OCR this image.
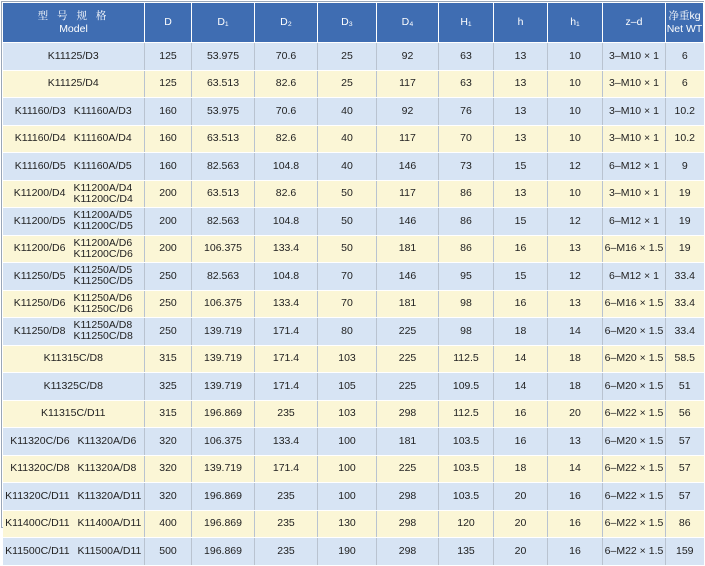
型 号 规 格
Model	D	D₁	D₂	D₃	D₄	H₁	h	h₁	z–d	净重kg
Net WT

K11125/D3	125	53.975	70.6	25	92	63	13	10	3–M10 × 1	6

K11125/D4	125	63.513	82.6	25	117	63	13	10	3–M10 × 1	6

K11160/D3 K11160A/D3	160	53.975	70.6	40	92	76	13	10	3–M10 × 1	10.2

K11160/D4 K11160A/D4	160	63.513	82.6	40	117	70	13	10	3–M10 × 1	10.2

K11160/D5 K11160A/D5	160	82.563	104.8	40	146	73	15	12	6–M12 × 1	9

K11200/D4 K11200A/D4
K11200C/D4	200	63.513	82.6	50	117	86	13	10	3–M10 × 1	19

K11200/D5 K11200A/D5
K11200C/D5	200	82.563	104.8	50	146	86	15	12	6–M12 × 1	19

K11200/D6 K11200A/D6
K11200C/D6	200	106.375	133.4	50	181	86	16	13	6–M16 × 1.5	19

K11250/D5 K11250A/D5
K11250C/D5	250	82.563	104.8	70	146	95	15	12	6–M12 × 1	33.4

K11250/D6 K11250A/D6
K11250C/D6	250	106.375	133.4	70	181	98	16	13	6–M16 × 1.5	33.4

K11250/D8 K11250A/D8
K11250C/D8	250	139.719	171.4	80	225	98	18	14	6–M20 × 1.5	33.4

K11315C/D8	315	139.719	171.4	103	225	112.5	14	18	6–M20 × 1.5	58.5

K11325C/D8	325	139.719	171.4	105	225	109.5	14	18	6–M20 × 1.5	51

K11315C/D11	315	196.869	235	103	298	112.5	16	20	6–M22 × 1.5	56

K11320C/D6 K11320A/D6	320	106.375	133.4	100	181	103.5	16	13	6–M20 × 1.5	57

K11320C/D8 K11320A/D8	320	139.719	171.4	100	225	103.5	18	14	6–M22 × 1.5	57

K11320C/D11 K11320A/D11	320	196.869	235	100	298	103.5	20	16	6–M22 × 1.5	57

K11400C/D11 K11400A/D11	400	196.869	235	130	298	120	20	16	6–M22 × 1.5	86

K11500C/D11 K11500A/D11	500	196.869	235	190	298	135	20	16	6–M22 × 1.5	159
